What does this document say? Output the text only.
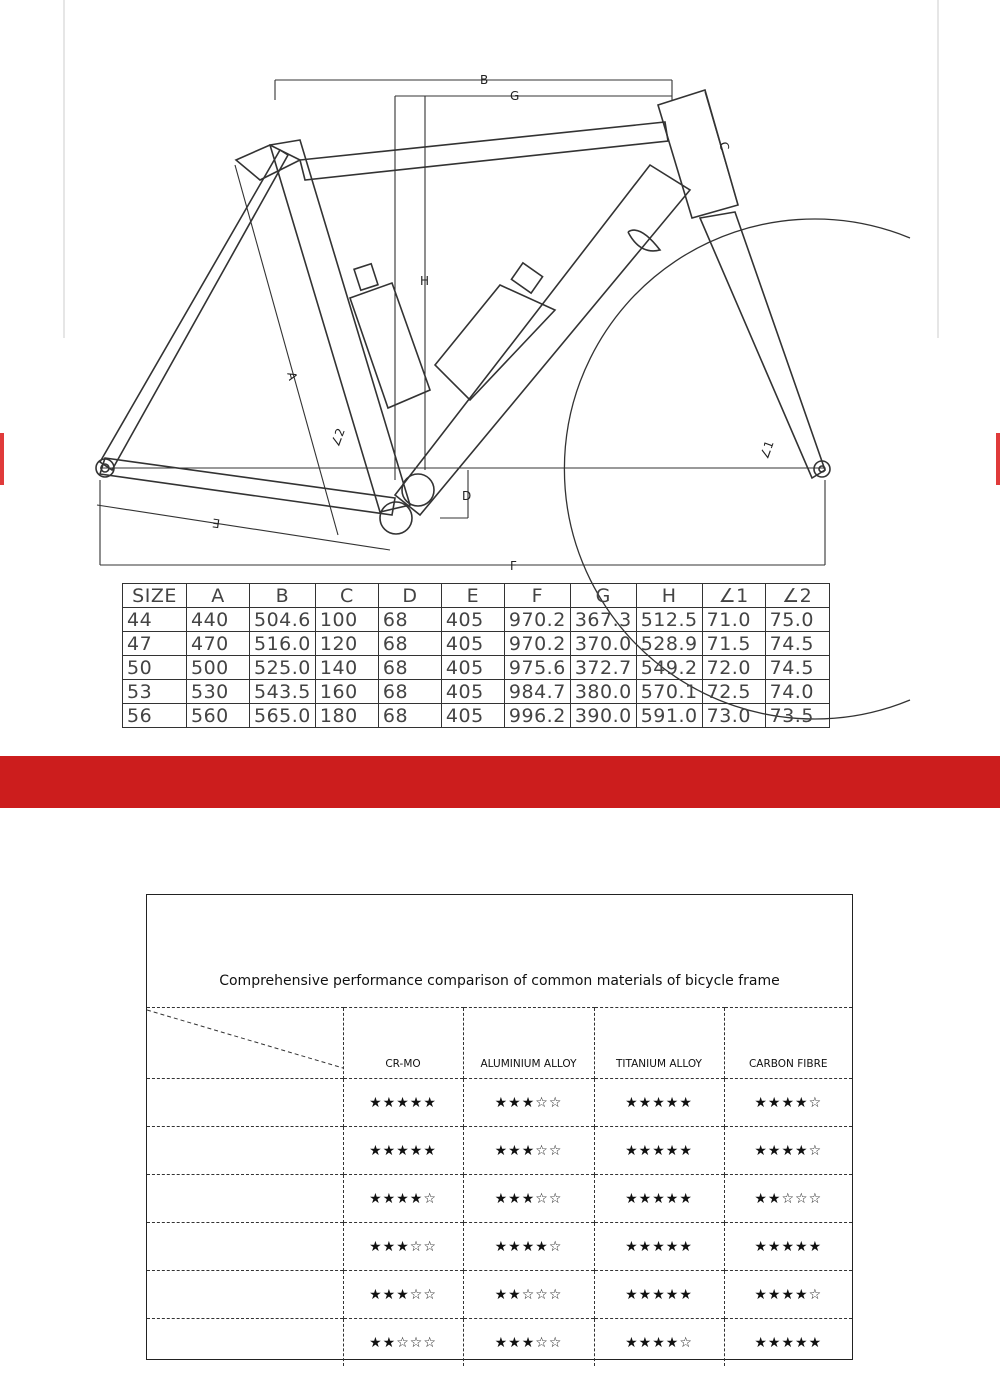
B
G
C
H
A
∠2
D
∠1
E
F
SIZE	A	B	C	D	E	F	G	H	∠1	∠2
44	440	504.6	100	68	405	970.2	367.3	512.5	71.0	75.0
47	470	516.0	120	68	405	970.2	370.0	528.9	71.5	74.5
50	500	525.0	140	68	405	975.6	372.7	549.2	72.0	74.5
53	530	543.5	160	68	405	984.7	380.0	570.1	72.5	74.0
56	560	565.0	180	68	405	996.2	390.0	591.0	73.0	73.5
Comprehensive performance comparison of common materials of bicycle frame
	CR-MO	ALUMINIUM ALLOY	TITANIUM ALLOY	CARBON FIBRE
	★★★★★	★★★☆☆	★★★★★	★★★★☆
	★★★★★	★★★☆☆	★★★★★	★★★★☆
	★★★★☆	★★★☆☆	★★★★★	★★☆☆☆
	★★★☆☆	★★★★☆	★★★★★	★★★★★
	★★★☆☆	★★☆☆☆	★★★★★	★★★★☆
	★★☆☆☆	★★★☆☆	★★★★☆	★★★★★
